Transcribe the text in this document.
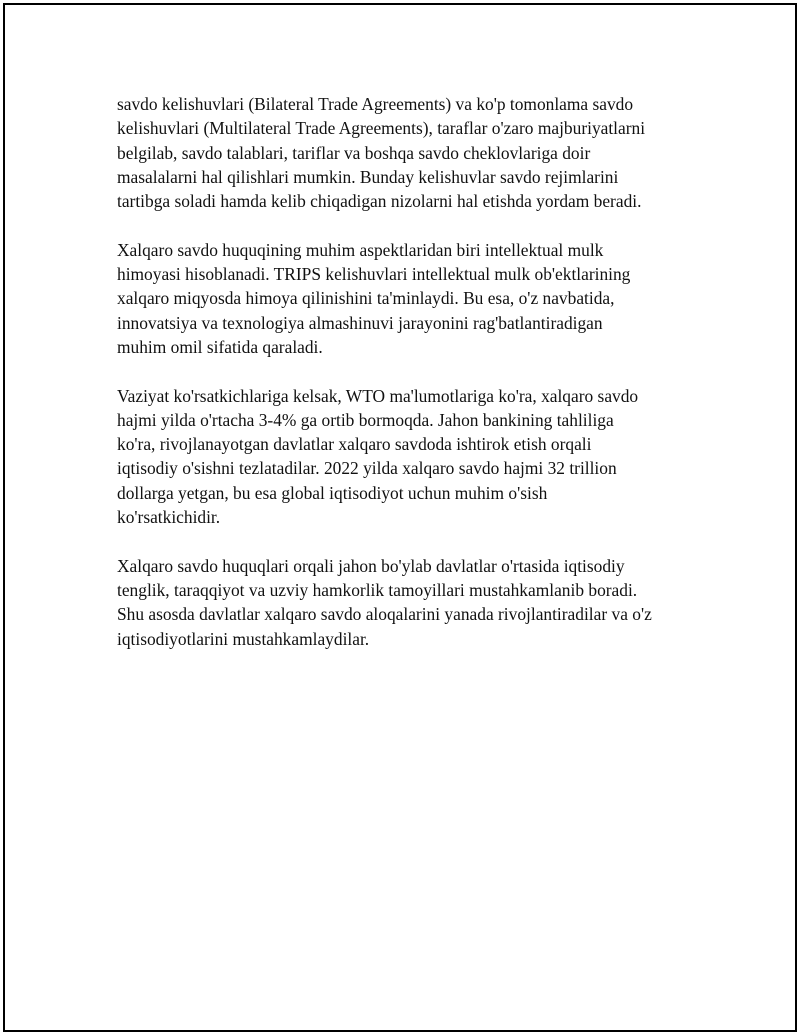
savdo kelishuvlari (Bilateral Trade Agreements) va ko'p tomonlama savdo
kelishuvlari (Multilateral Trade Agreements), taraflar o'zaro majburiyatlarni
belgilab, savdo talablari, tariflar va boshqa savdo cheklovlariga doir
masalalarni hal qilishlari mumkin. Bunday kelishuvlar savdo rejimlarini
tartibga soladi hamda kelib chiqadigan nizolarni hal etishda yordam beradi.

Xalqaro savdo huquqining muhim aspektlaridan biri intellektual mulk
himoyasi hisoblanadi. TRIPS kelishuvlari intellektual mulk ob'ektlarining
xalqaro miqyosda himoya qilinishini ta'minlaydi. Bu esa, o'z navbatida,
innovatsiya va texnologiya almashinuvi jarayonini rag'batlantiradigan
muhim omil sifatida qaraladi.

Vaziyat ko'rsatkichlariga kelsak, WTO ma'lumotlariga ko'ra, xalqaro savdo
hajmi yilda o'rtacha 3-4% ga ortib bormoqda. Jahon bankining tahliliga
ko'ra, rivojlanayotgan davlatlar xalqaro savdoda ishtirok etish orqali
iqtisodiy o'sishni tezlatadilar. 2022 yilda xalqaro savdo hajmi 32 trillion
dollarga yetgan, bu esa global iqtisodiyot uchun muhim o'sish
ko'rsatkichidir.

Xalqaro savdo huquqlari orqali jahon bo'ylab davlatlar o'rtasida iqtisodiy
tenglik, taraqqiyot va uzviy hamkorlik tamoyillari mustahkamlanib boradi.
Shu asosda davlatlar xalqaro savdo aloqalarini yanada rivojlantiradilar va o'z
iqtisodiyotlarini mustahkamlaydilar.
